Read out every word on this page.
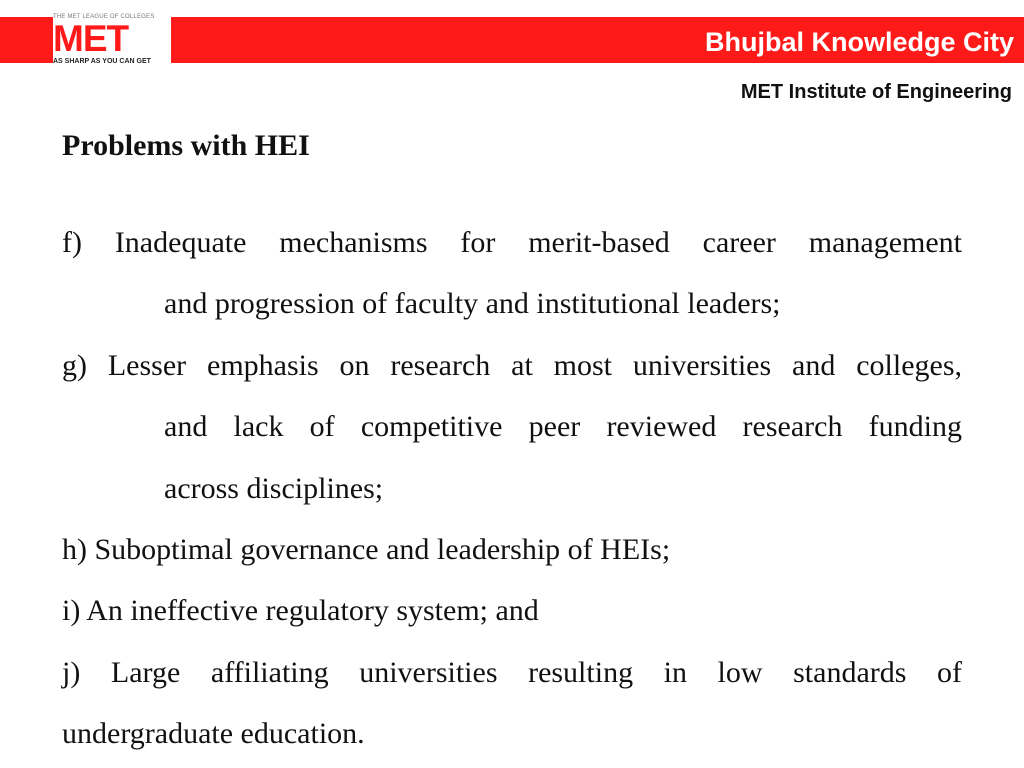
THE MET LEAGUE OF COLLEGES
MET
AS SHARP AS YOU CAN GET
Bhujbal Knowledge City
MET Institute of Engineering
Problems with HEI
f) Inadequate mechanisms for merit-based career management
and progression of faculty and institutional leaders;
g) Lesser emphasis on research at most universities and colleges,
and lack of competitive peer reviewed research funding
across disciplines;
h) Suboptimal governance and leadership of HEIs;
i) An ineffective regulatory system; and
j) Large affiliating universities resulting in low standards of
undergraduate education.
